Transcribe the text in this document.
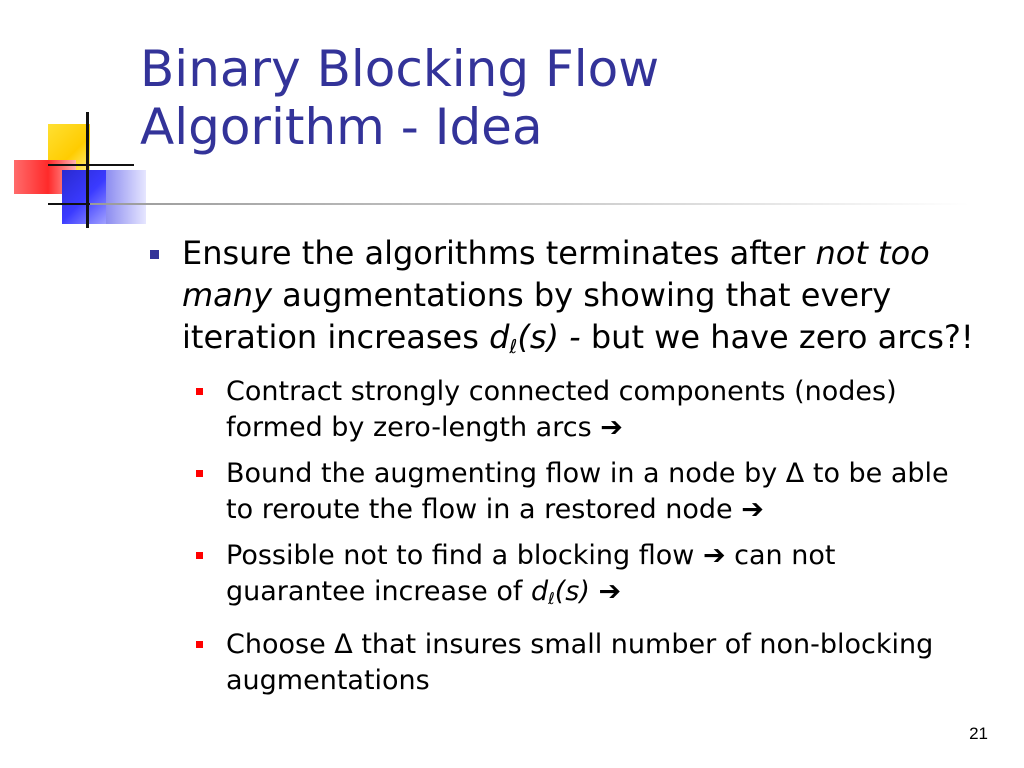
Binary Blocking Flow
Algorithm - Idea
Ensure the algorithms terminates after not too many augmentations by showing that every iteration increases $d_\ell(s)$ - but we have zero arcs?!
Contract strongly connected components (nodes) formed by zero-length arcs ➔
Bound the augmenting flow in a node by Δ to be able to reroute the flow in a restored node ➔
Possible not to find a blocking flow ➔ can not guarantee increase of $d_\ell(s)$ ➔
Choose Δ that insures small number of non-blocking augmentations
21
